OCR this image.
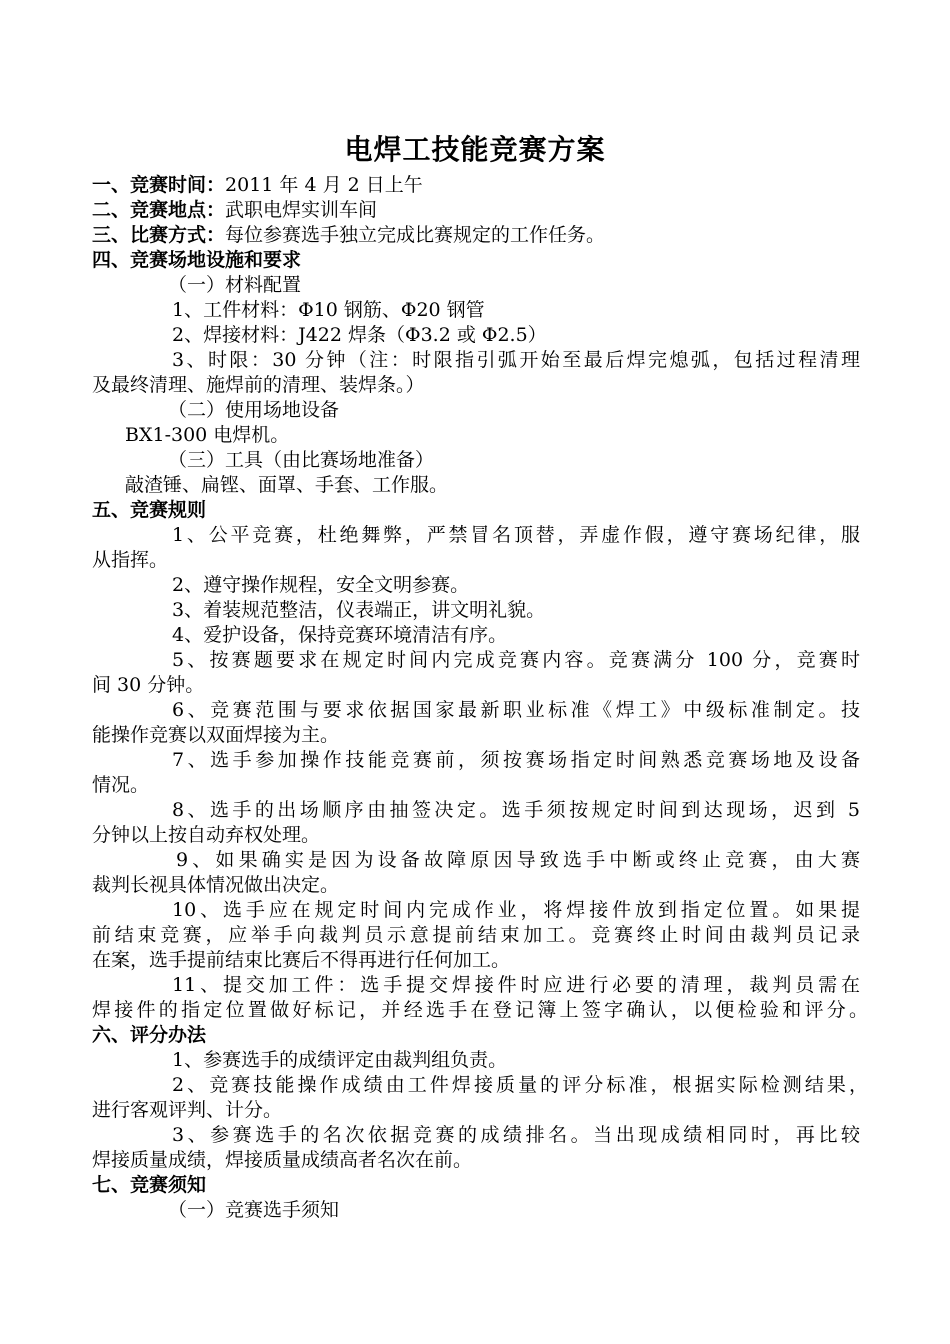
电焊工技能竞赛方案
一、竞赛时间：2011 年 4 月 2 日上午
二、竞赛地点：武职电焊实训车间
三、比赛方式：每位参赛选手独立完成比赛规定的工作任务。
四、竞赛场地设施和要求
（一）材料配置
1、工件材料：Φ10 钢筋、Φ20 钢管
2、焊接材料：J422 焊条（Φ3.2 或 Φ2.5）
3、时限：30 分钟（注：时限指引弧开始至最后焊完熄弧，包括过程清理
及最终清理、施焊前的清理、装焊条。）
（二）使用场地设备
BX1-300 电焊机。
（三）工具（由比赛场地准备）
敲渣锤、扁铿、面罩、手套、工作服。
五、竞赛规则
1、公平竞赛，杜绝舞弊，严禁冒名顶替，弄虚作假，遵守赛场纪律，服
从指挥。
2、遵守操作规程，安全文明参赛。
3、着装规范整洁，仪表端正，讲文明礼貌。
4、爱护设备，保持竞赛环境清洁有序。
5、按赛题要求在规定时间内完成竞赛内容。竞赛满分 100 分，竞赛时
间 30 分钟。
6、竞赛范围与要求依据国家最新职业标准《焊工》中级标准制定。技
能操作竞赛以双面焊接为主。
7、选手参加操作技能竞赛前，须按赛场指定时间熟悉竞赛场地及设备
情况。
8、选手的出场顺序由抽签决定。选手须按规定时间到达现场，迟到 5
分钟以上按自动弃权处理。
9、如果确实是因为设备故障原因导致选手中断或终止竞赛，由大赛
裁判长视具体情况做出决定。
10、选手应在规定时间内完成作业，将焊接件放到指定位置。如果提
前结束竞赛，应举手向裁判员示意提前结束加工。竞赛终止时间由裁判员记录
在案，选手提前结束比赛后不得再进行任何加工。
11、提交加工件：选手提交焊接件时应进行必要的清理，裁判员需在
焊接件的指定位置做好标记，并经选手在登记簿上签字确认，以便检验和评分。
六、评分办法
1、参赛选手的成绩评定由裁判组负责。
2、竞赛技能操作成绩由工件焊接质量的评分标准，根据实际检测结果，
进行客观评判、计分。
3、参赛选手的名次依据竞赛的成绩排名。当出现成绩相同时，再比较
焊接质量成绩，焊接质量成绩高者名次在前。
七、竞赛须知
（一）竞赛选手须知
